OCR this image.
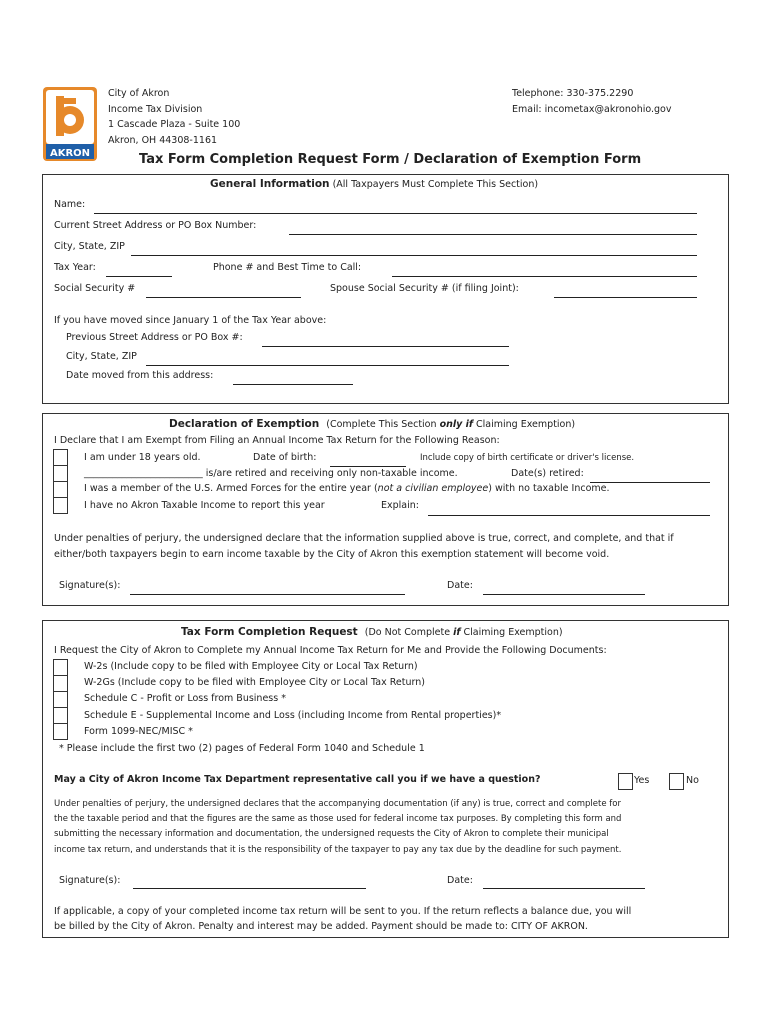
AKRON
City of Akron
Income Tax Division
1 Cascade Plaza - Suite 100
Akron, OH 44308-1161
Telephone: 330-375.2290
Email: incometax@akronohio.gov
Tax Form Completion Request Form / Declaration of Exemption Form
General Information (All Taxpayers Must Complete This Section)
Name:
Current Street Address or PO Box Number:
City, State, ZIP
Tax Year:	Phone # and Best Time to Call:
Social Security #	Spouse Social Security # (if filing Joint):
If you have moved since January 1 of the Tax Year above:
Previous Street Address or PO Box #:
City, State, ZIP
Date moved from this address:
Declaration of Exemption (Complete This Section only if Claiming Exemption)
I Declare that I am Exempt from Filing an Annual Income Tax Return for the Following Reason:
I am under 18 years old.	Date of birth:	Include copy of birth certificate or driver's license.
_________________________ is/are retired and receiving only non-taxable income.	Date(s) retired:
I was a member of the U.S. Armed Forces for the entire year (not a civilian employee) with no taxable Income.
I have no Akron Taxable Income to report this year	Explain:
Under penalties of perjury, the undersigned declare that the information supplied above is true, correct, and complete, and that if
either/both taxpayers begin to earn income taxable by the City of Akron this exemption statement will become void.
Signature(s):	Date:
Tax Form Completion Request (Do Not Complete if Claiming Exemption)
I Request the City of Akron to Complete my Annual Income Tax Return for Me and Provide the Following Documents:
W-2s (Include copy to be filed with Employee City or Local Tax Return)
W-2Gs (Include copy to be filed with Employee City or Local Tax Return)
Schedule C - Profit or Loss from Business *
Schedule E - Supplemental Income and Loss (including Income from Rental properties)*
Form 1099-NEC/MISC *
* Please include the first two (2) pages of Federal Form 1040 and Schedule 1
May a City of Akron Income Tax Department representative call you if we have a question?	Yes	No
Under penalties of perjury, the undersigned declares that the accompanying documentation (if any) is true, correct and complete for
the the taxable period and that the figures are the same as those used for federal income tax purposes. By completing this form and
submitting the necessary information and documentation, the undersigned requests the City of Akron to complete their municipal
income tax return, and understands that it is the responsibility of the taxpayer to pay any tax due by the deadline for such payment.
Signature(s):	Date:
If applicable, a copy of your completed income tax return will be sent to you. If the return reflects a balance due, you will
be billed by the City of Akron. Penalty and interest may be added. Payment should be made to: CITY OF AKRON.
